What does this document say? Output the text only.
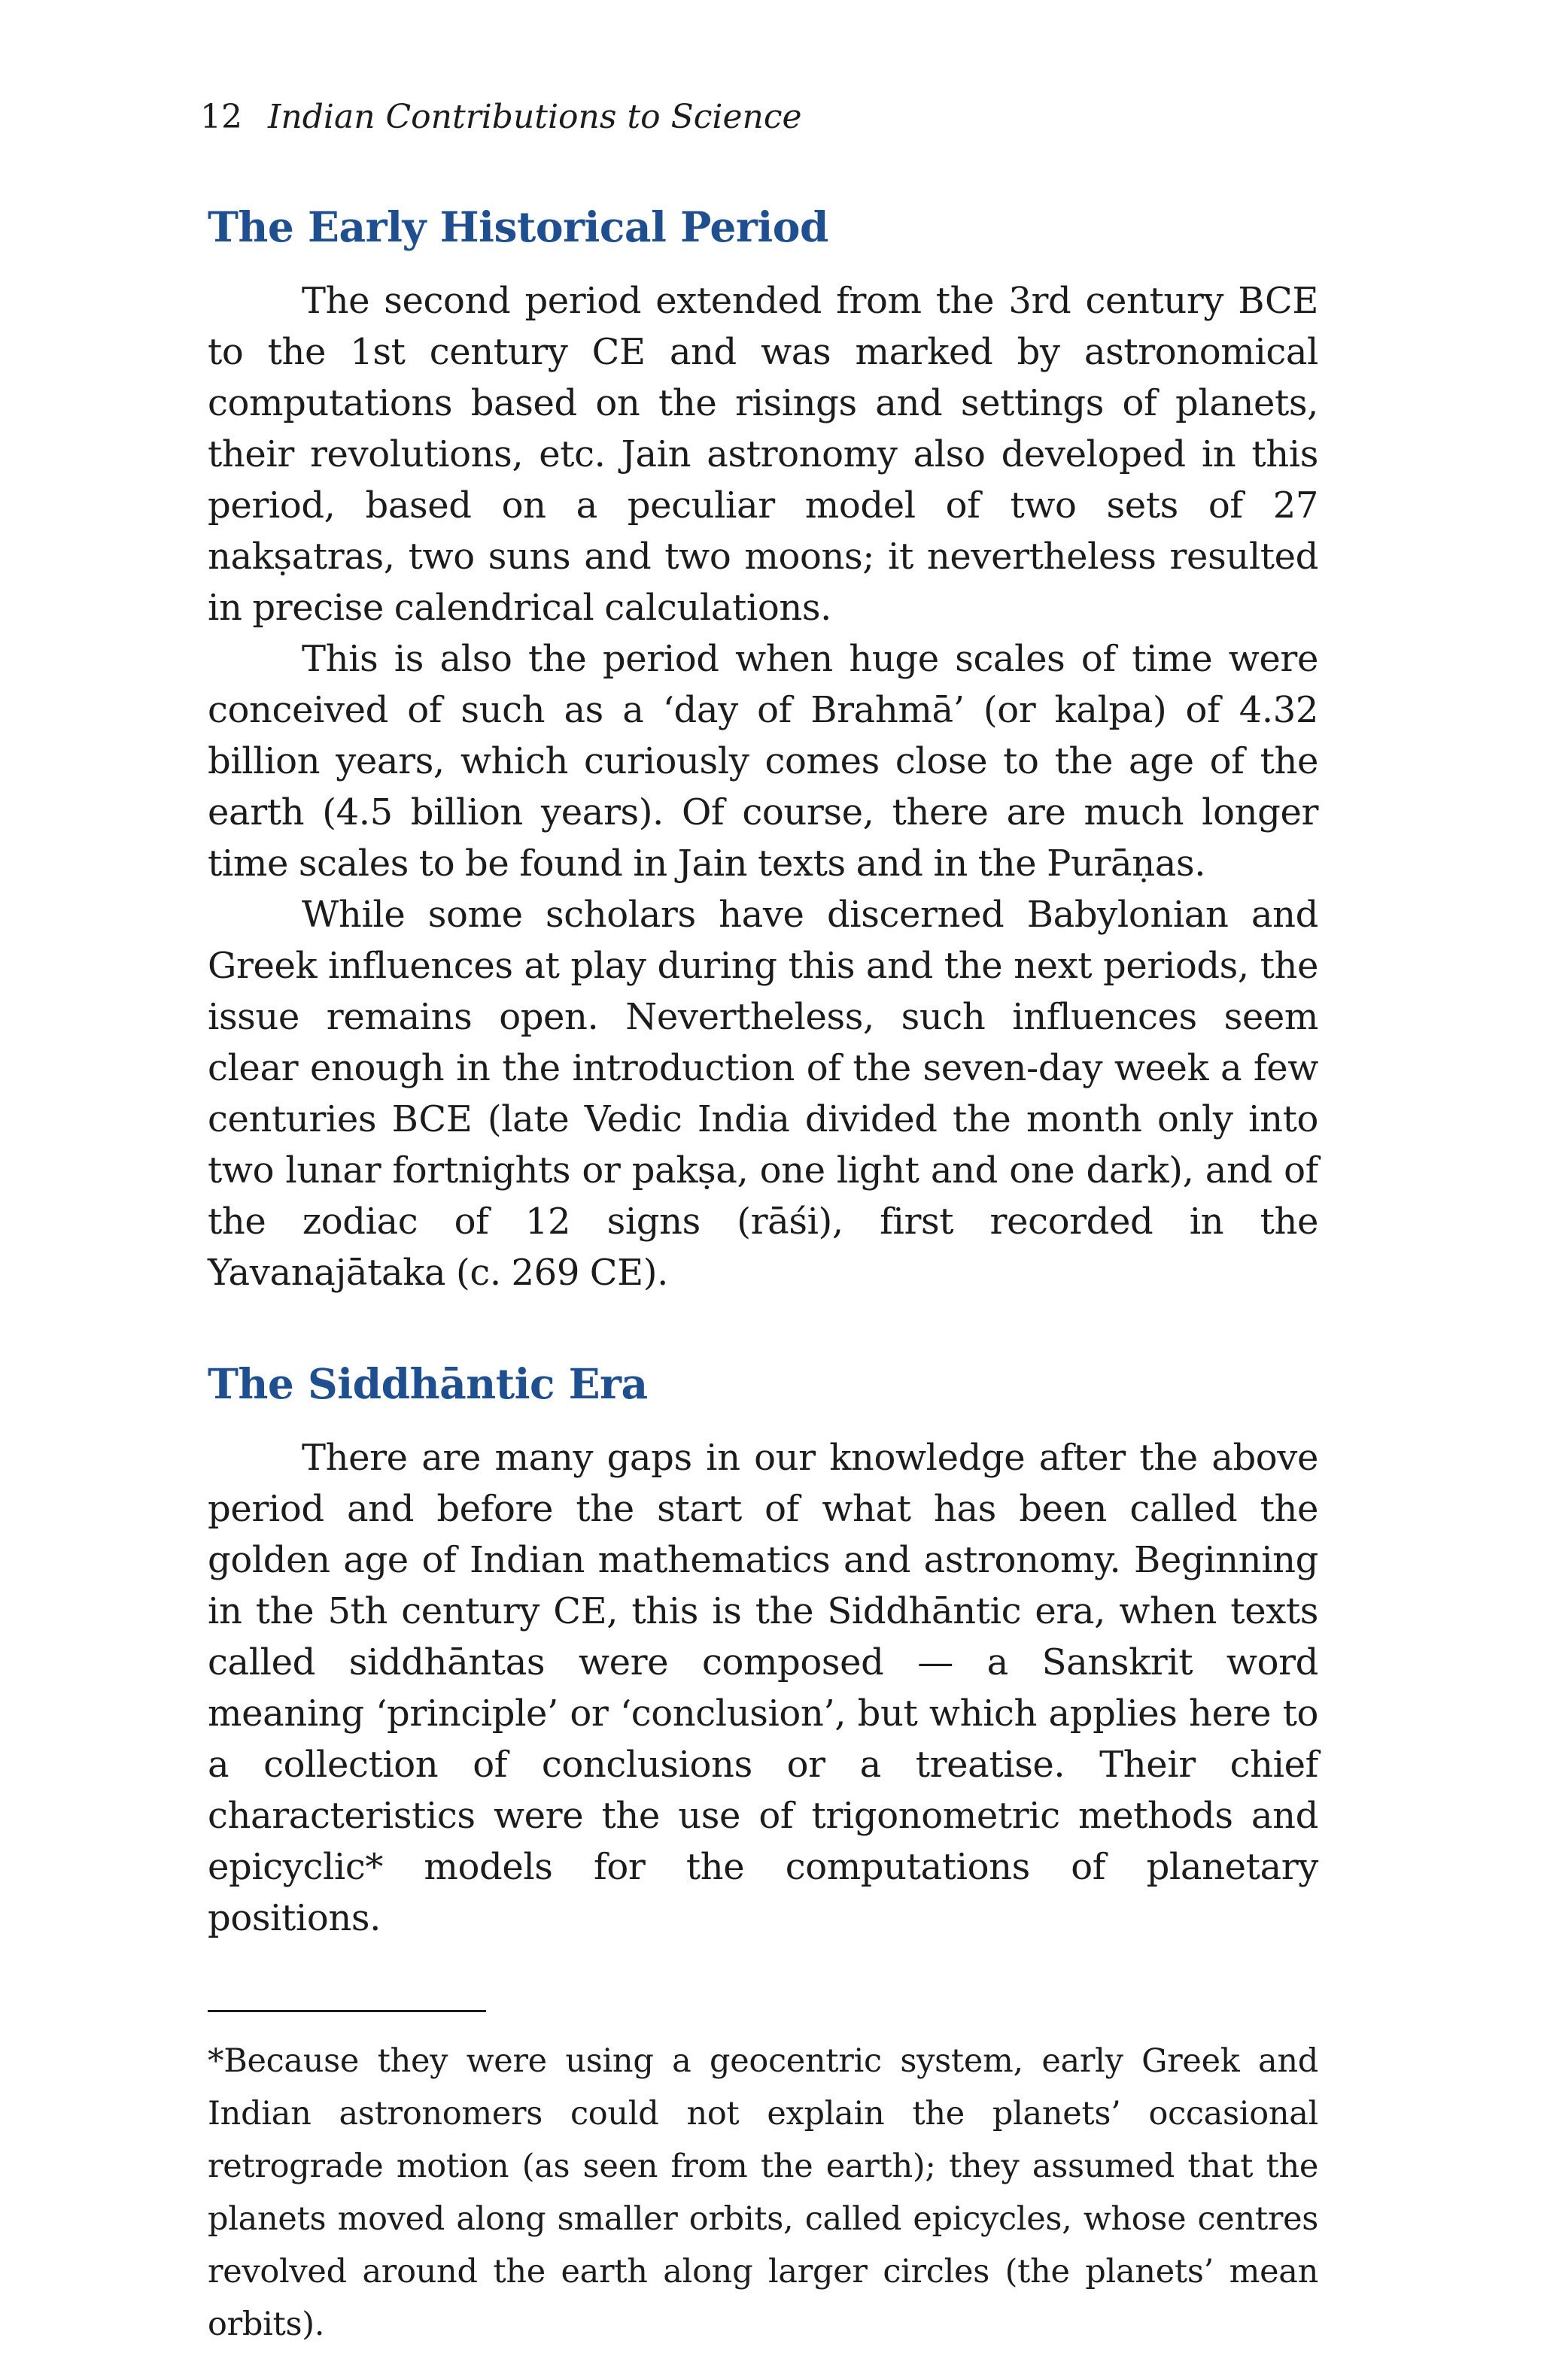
12 Indian Contributions to Science
The Early Historical Period

The second period extended from the 3rd century BCE to the 1st century CE and was marked by astronomical computations based on the risings and settings of planets, their revolutions, etc. Jain astronomy also developed in this period, based on a peculiar model of two sets of 27 nakṣatras, two suns and two moons; it nevertheless resulted in precise calendrical calculations.

This is also the period when huge scales of time were conceived of such as a ‘day of Brahmā’ (or kalpa) of 4.32 billion years, which curiously comes close to the age of the earth (4.5 billion years). Of course, there are much longer time scales to be found in Jain texts and in the Purāṇas.

While some scholars have discerned Babylonian and Greek influences at play during this and the next periods, the issue remains open. Nevertheless, such influences seem clear enough in the introduction of the seven-day week a few centuries BCE (late Vedic India divided the month only into two lunar fortnights or pakṣa, one light and one dark), and of the zodiac of 12 signs (rāśi), first recorded in the Yavanajātaka (c. 269 CE).

The Siddhāntic Era

There are many gaps in our knowledge after the above period and before the start of what has been called the golden age of Indian mathematics and astronomy. Beginning in the 5th century CE, this is the Siddhāntic era, when texts called siddhāntas were composed — a Sanskrit word meaning ‘principle’ or ‘conclusion’, but which applies here to a collection of conclusions or a treatise. Their chief characteristics were the use of trigonometric methods and epicyclic* models for the computations of planetary positions.

*Because they were using a geocentric system, early Greek and Indian astronomers could not explain the planets’ occasional retrograde motion (as seen from the earth); they assumed that the planets moved along smaller orbits, called epicycles, whose centres revolved around the earth along larger circles (the planets’ mean orbits).
